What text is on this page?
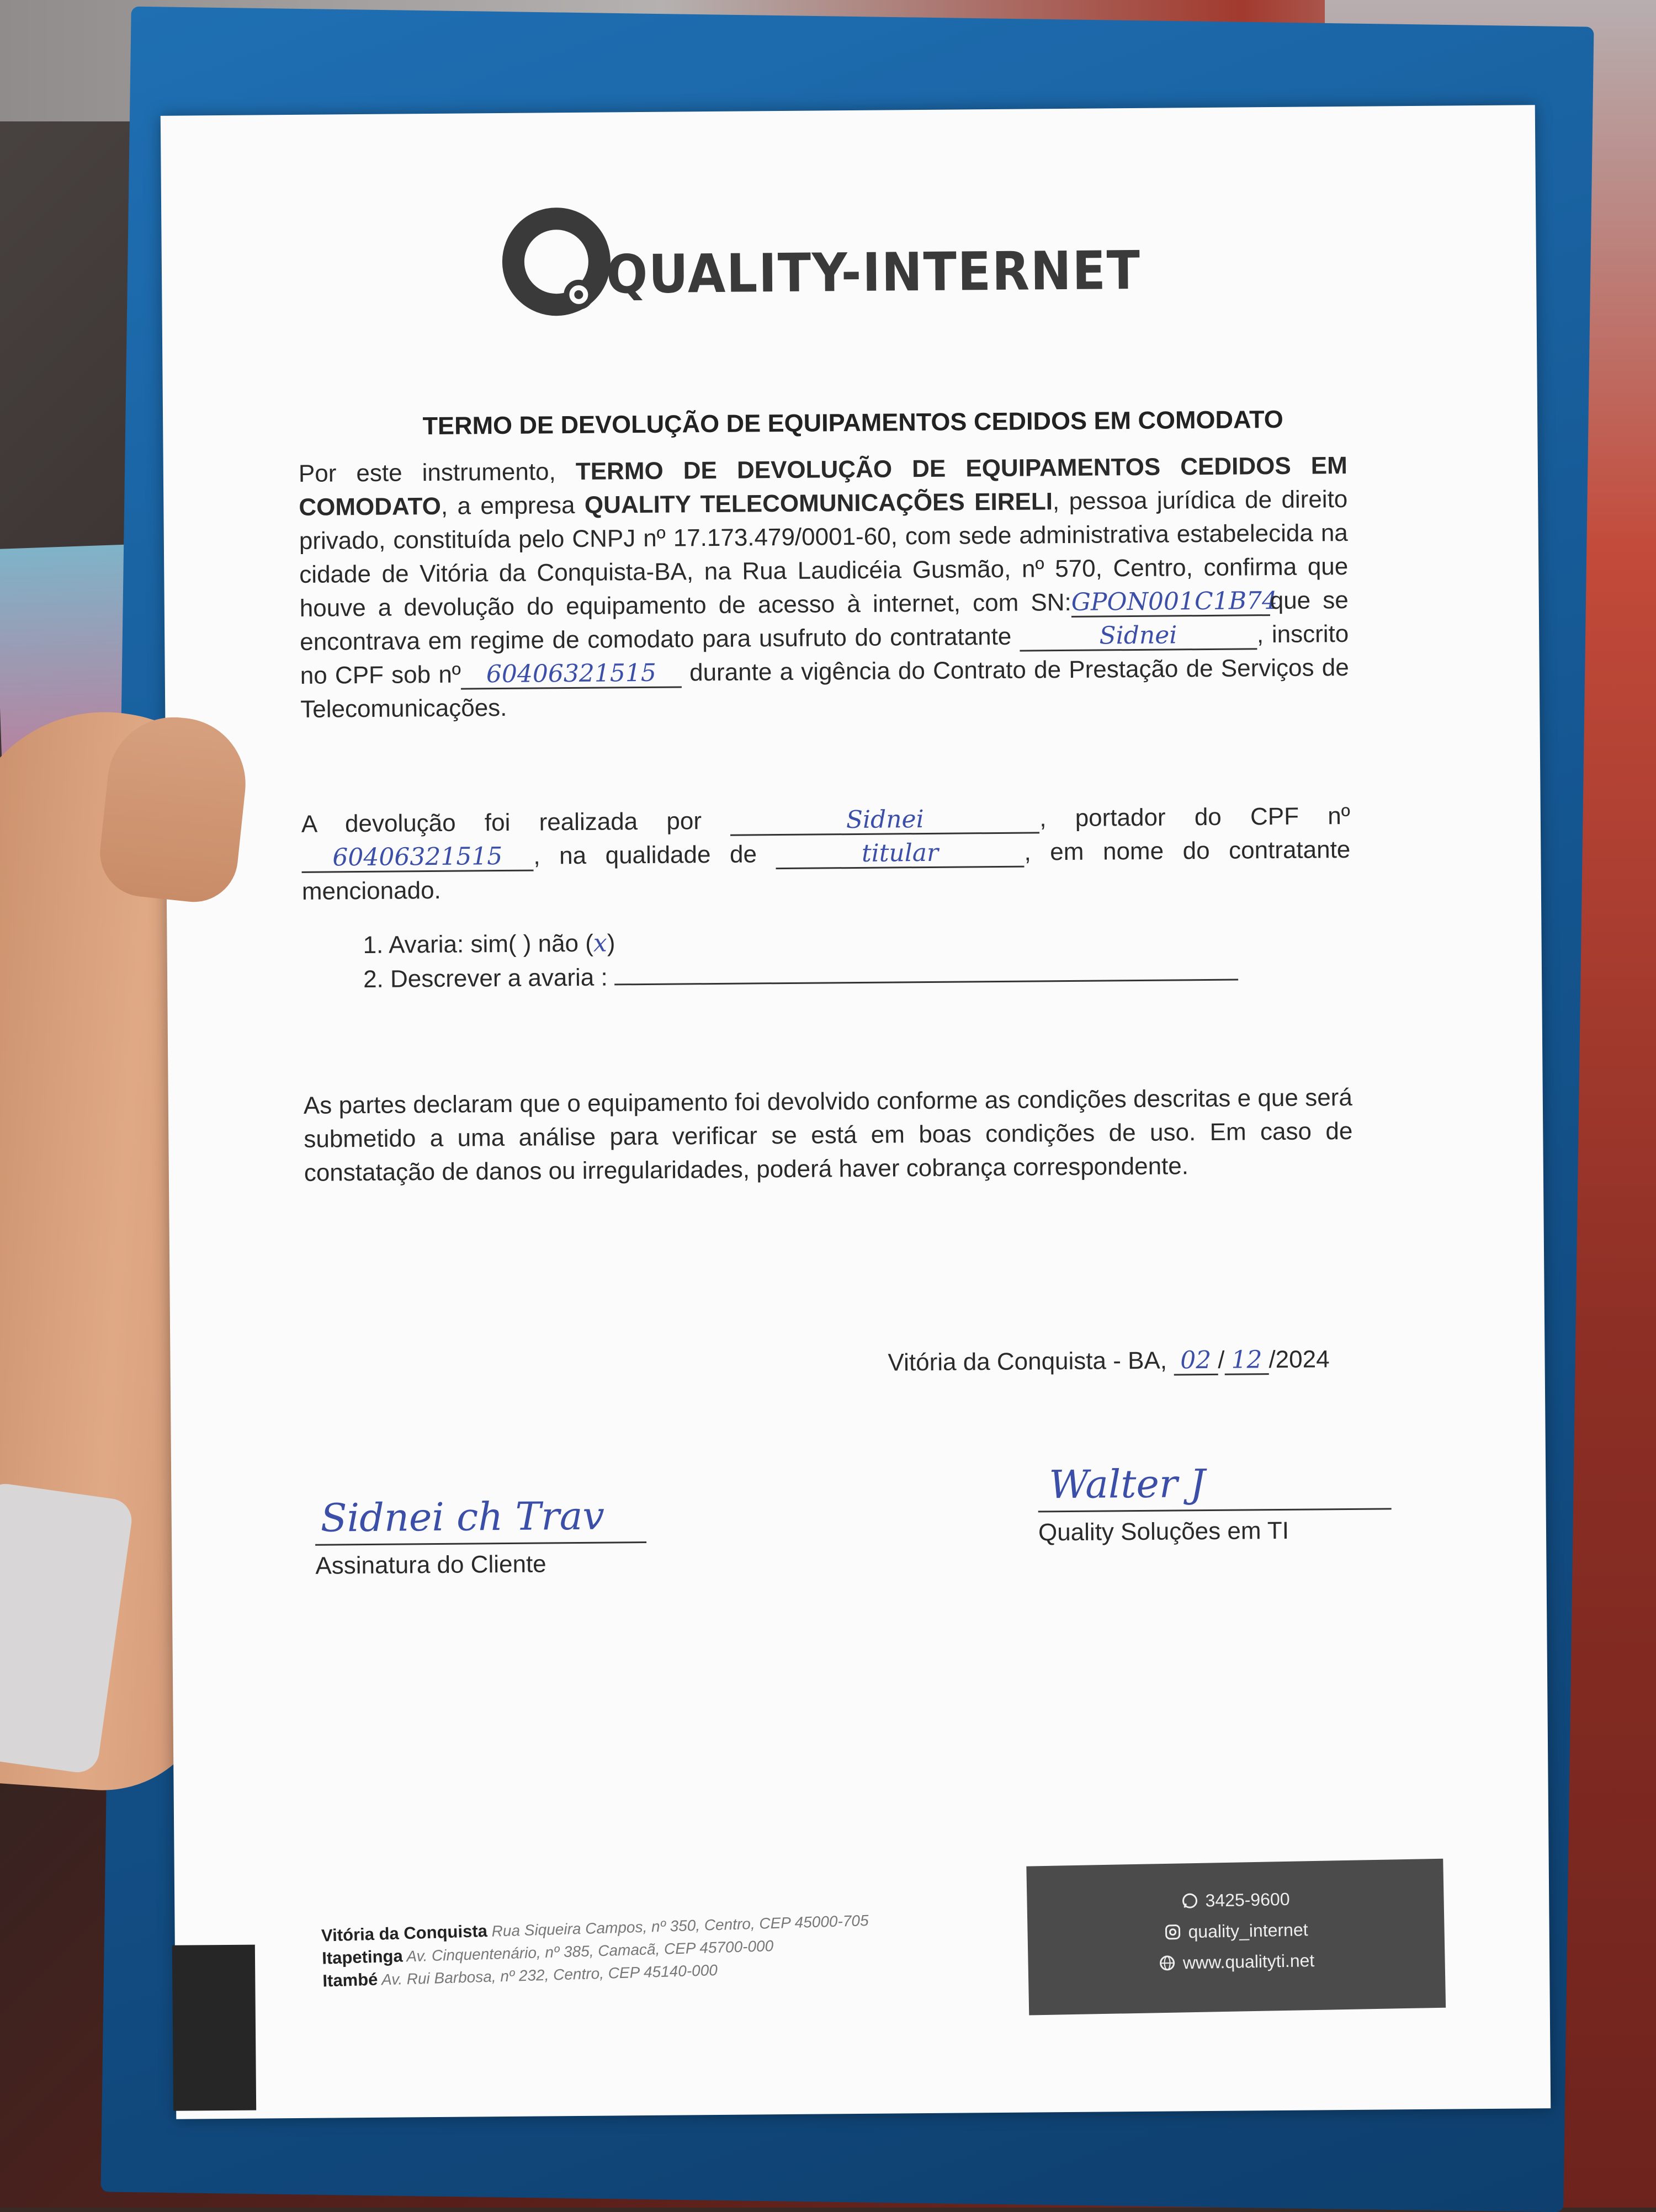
QUALITY-INTERNET
TERMO DE DEVOLUÇÃO DE EQUIPAMENTOS CEDIDOS EM COMODATO
Por este instrumento, TERMO DE DEVOLUÇÃO DE EQUIPAMENTOS CEDIDOS EM COMODATO, a empresa QUALITY TELECOMUNICAÇÕES EIRELI, pessoa jurídica de direito privado, constituída pelo CNPJ nº 17.173.479/0001-60, com sede administrativa estabelecida na cidade de Vitória da Conquista-BA, na Rua Laudicéia Gusmão, nº 570, Centro, confirma que houve a devolução do equipamento de acesso à internet, com SN:GPON001C1B74que se encontrava em regime de comodato para usufruto do contratante	Sidnei	, inscrito no CPF sob nº 60406321515 durante a vigência do Contrato de Prestação de Serviços de Telecomunicações.
A devolução foi realizada por	Sidnei	, portador do CPF nº 60406321515 , na qualidade de	titular	, em nome do contratante mencionado.
1. Avaria: sim( ) não (x)
2. Descrever a avaria :
As partes declaram que o equipamento foi devolvido conforme as condições descritas e que será submetido a uma análise para verificar se está em boas condições de uso. Em caso de constatação de danos ou irregularidades, poderá haver cobrança correspondente.
Vitória da Conquista - BA, 02 / 12 /2024
Sidnei ch Trav
Assinatura do Cliente
Walter J
Quality Soluções em TI
Vitória da Conquista Rua Siqueira Campos, nº 350, Centro, CEP 45000-705
Itapetinga Av. Cinquentenário, nº 385, Camacã, CEP 45700-000
Itambé Av. Rui Barbosa, nº 232, Centro, CEP 45140-000
3425-9600
quality_internet
www.qualityti.net
